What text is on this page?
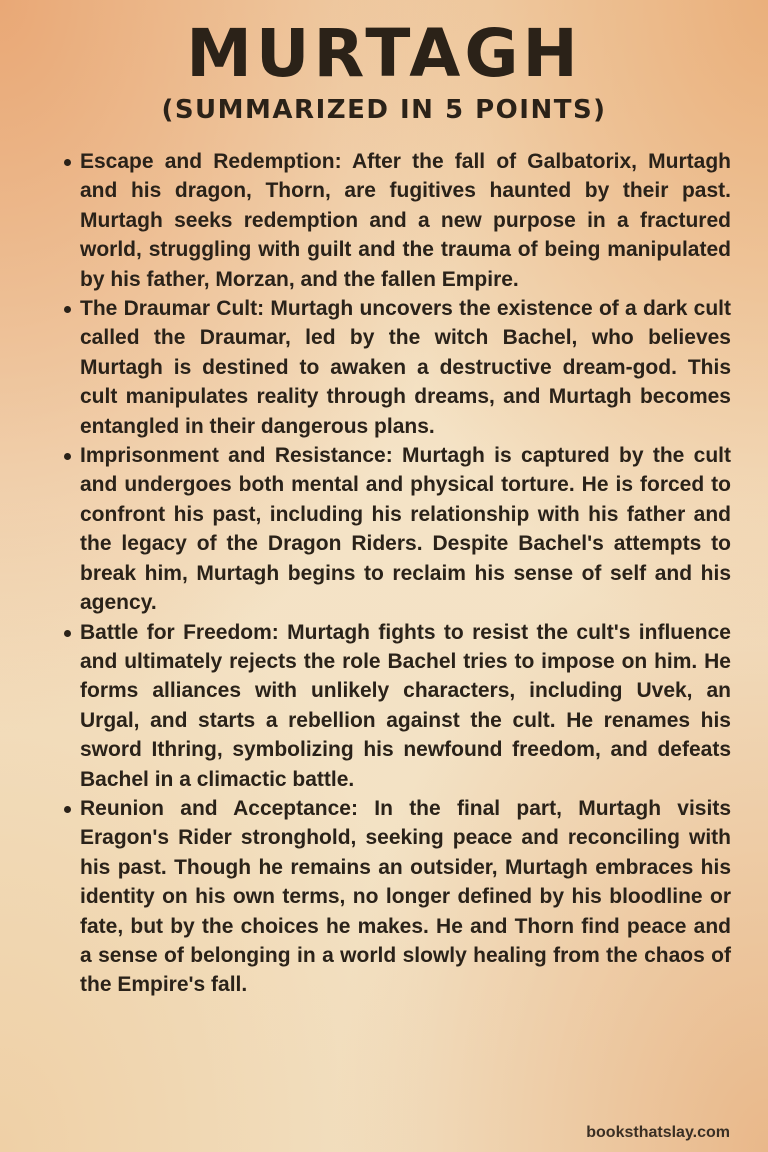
MURTAGH
(SUMMARIZED IN 5 POINTS)
Escape and Redemption: After the fall of Galbatorix, Murtagh and his dragon, Thorn, are fugitives haunted by their past. Murtagh seeks redemption and a new purpose in a fractured world, struggling with guilt and the trauma of being manipulated by his father, Morzan, and the fallen Empire.
The Draumar Cult: Murtagh uncovers the existence of a dark cult called the Draumar, led by the witch Bachel, who believes Murtagh is destined to awaken a destructive dream-god. This cult manipulates reality through dreams, and Murtagh becomes entangled in their dangerous plans.
Imprisonment and Resistance: Murtagh is captured by the cult and undergoes both mental and physical torture. He is forced to confront his past, including his relationship with his father and the legacy of the Dragon Riders. Despite Bachel's attempts to break him, Murtagh begins to reclaim his sense of self and his agency.
Battle for Freedom: Murtagh fights to resist the cult's influence and ultimately rejects the role Bachel tries to impose on him. He forms alliances with unlikely characters, including Uvek, an Urgal, and starts a rebellion against the cult. He renames his sword Ithring, symbolizing his newfound freedom, and defeats Bachel in a climactic battle.
Reunion and Acceptance: In the final part, Murtagh visits Eragon's Rider stronghold, seeking peace and reconciling with his past. Though he remains an outsider, Murtagh embraces his identity on his own terms, no longer defined by his bloodline or fate, but by the choices he makes. He and Thorn find peace and a sense of belonging in a world slowly healing from the chaos of the Empire's fall.
booksthatslay.com
